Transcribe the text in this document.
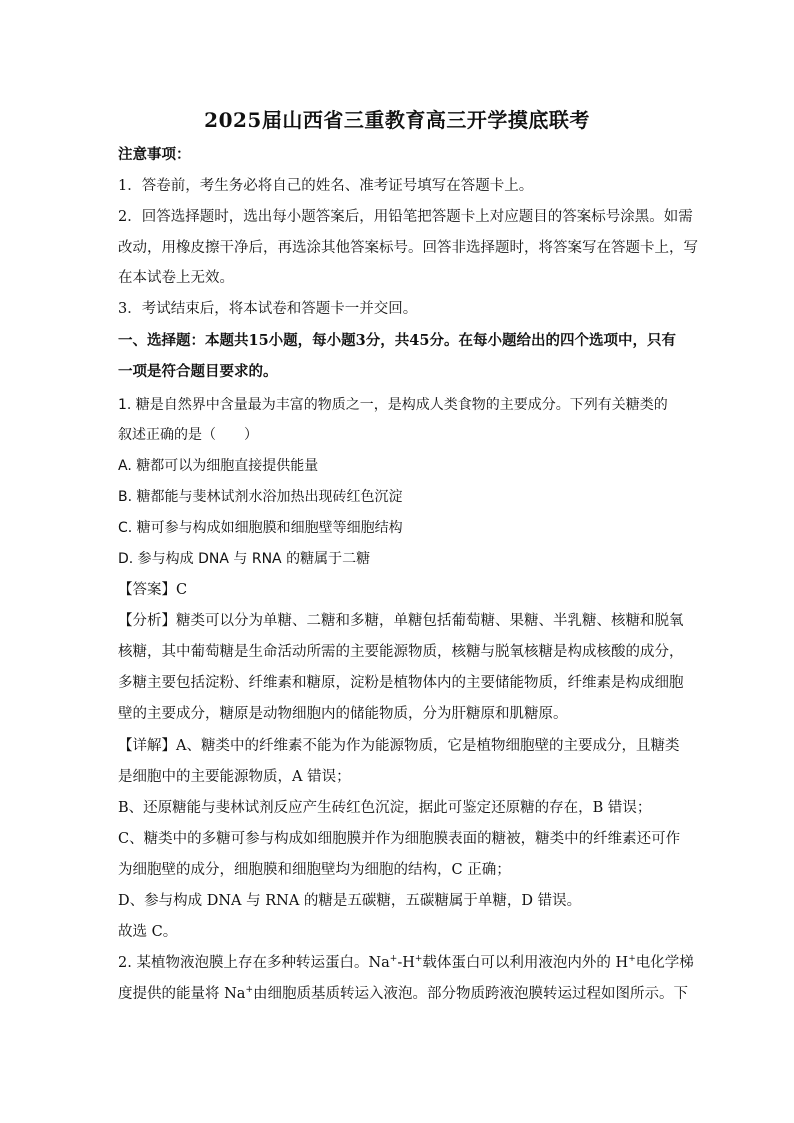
2025届山西省三重教育高三开学摸底联考
注意事项：
1．答卷前，考生务必将自己的姓名、准考证号填写在答题卡上。
2．回答选择题时，选出每小题答案后，用铅笔把答题卡上对应题目的答案标号涂黑。如需
改动，用橡皮擦干净后，再选涂其他答案标号。回答非选择题时，将答案写在答题卡上，写
在本试卷上无效。
3．考试结束后，将本试卷和答题卡一并交回。
一、选择题：本题共15小题，每小题3分，共45分。在每小题给出的四个选项中，只有
一项是符合题目要求的。
1. 糖是自然界中含量最为丰富的物质之一，是构成人类食物的主要成分。下列有关糖类的
叙述正确的是（　　）
A. 糖都可以为细胞直接提供能量
B. 糖都能与斐林试剂水浴加热出现砖红色沉淀
C. 糖可参与构成如细胞膜和细胞壁等细胞结构
D. 参与构成 DNA 与 RNA 的糖属于二糖
【答案】C
【分析】糖类可以分为单糖、二糖和多糖，单糖包括葡萄糖、果糖、半乳糖、核糖和脱氧
核糖，其中葡萄糖是生命活动所需的主要能源物质，核糖与脱氧核糖是构成核酸的成分，
多糖主要包括淀粉、纤维素和糖原，淀粉是植物体内的主要储能物质，纤维素是构成细胞
壁的主要成分，糖原是动物细胞内的储能物质，分为肝糖原和肌糖原。
【详解】A、糖类中的纤维素不能为作为能源物质，它是植物细胞壁的主要成分，且糖类
是细胞中的主要能源物质，A 错误；
B、还原糖能与斐林试剂反应产生砖红色沉淀，据此可鉴定还原糖的存在，B 错误；
C、糖类中的多糖可参与构成如细胞膜并作为细胞膜表面的糖被，糖类中的纤维素还可作
为细胞壁的成分，细胞膜和细胞壁均为细胞的结构，C 正确；
D、参与构成 DNA 与 RNA 的糖是五碳糖，五碳糖属于单糖，D 错误。
故选 C。
2. 某植物液泡膜上存在多种转运蛋白。Na+-H+载体蛋白可以利用液泡内外的 H+电化学梯
度提供的能量将 Na+由细胞质基质转运入液泡。部分物质跨液泡膜转运过程如图所示。下
